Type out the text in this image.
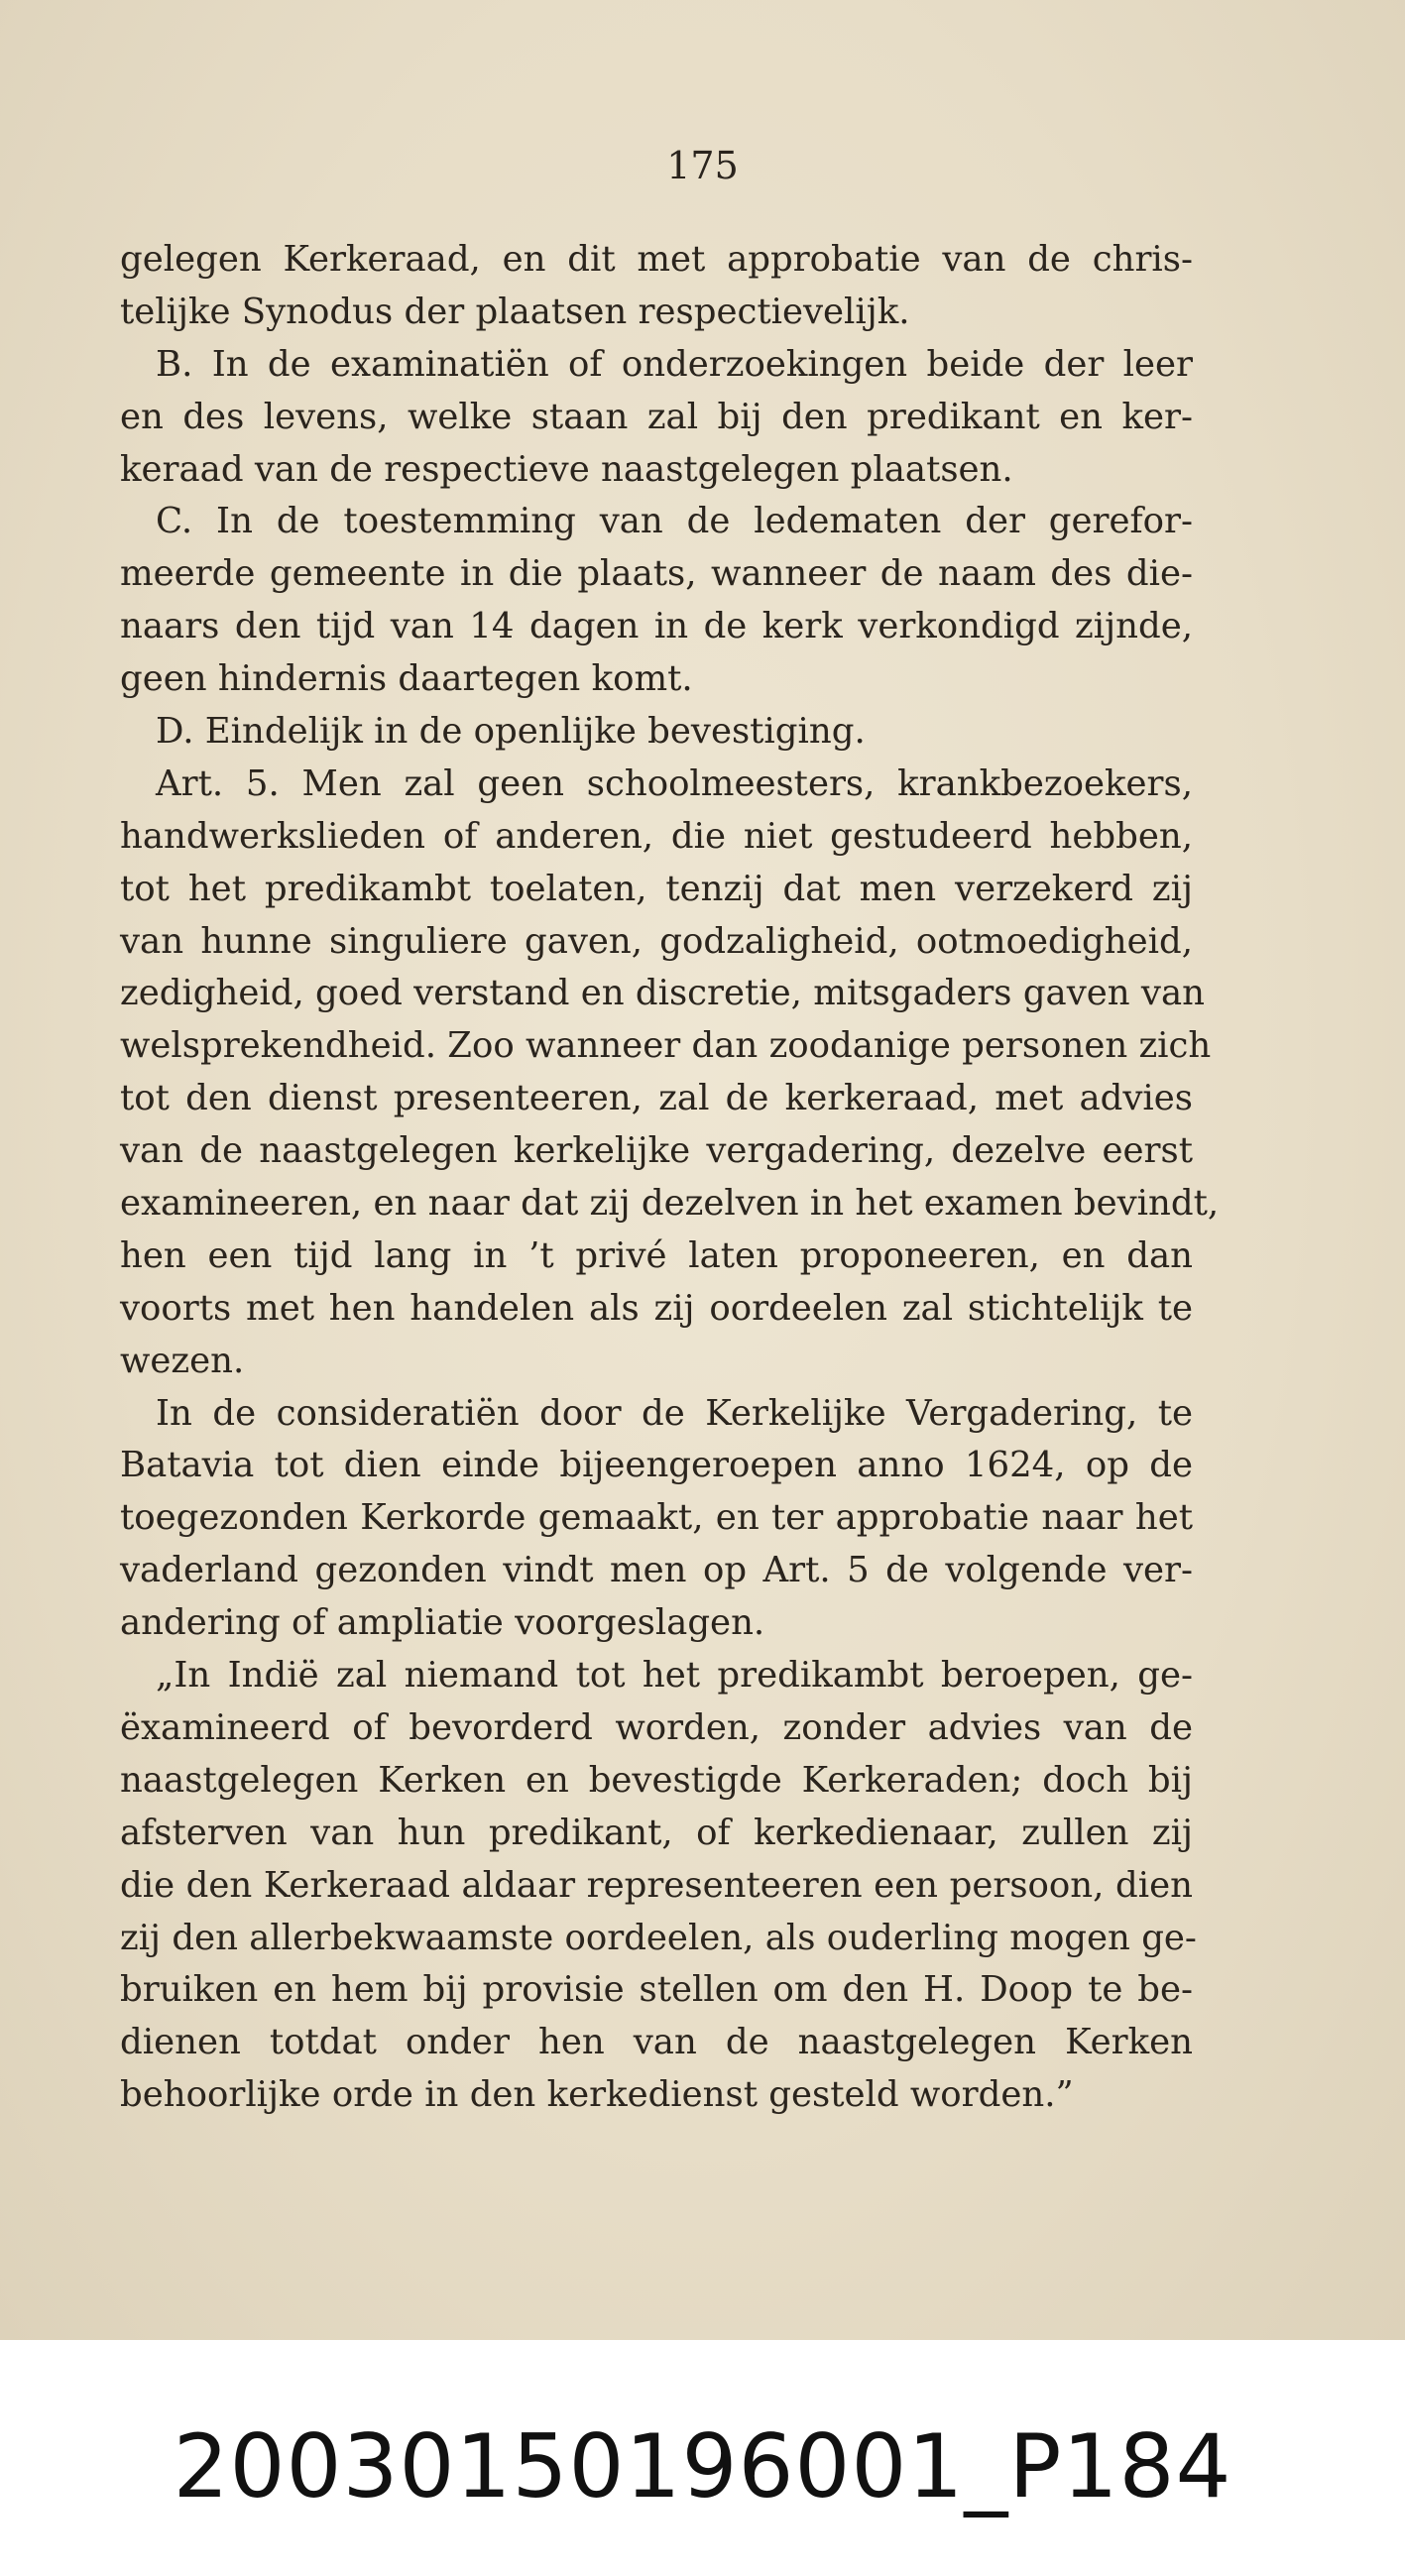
175
gelegen Kerkeraad, en dit met approbatie van de chris-
telijke Synodus der plaatsen respectievelijk.
B. In de examinatiën of onderzoekingen beide der leer
en des levens, welke staan zal bij den predikant en ker-
keraad van de respectieve naastgelegen plaatsen.
C. In de toestemming van de ledematen der gerefor-
meerde gemeente in die plaats, wanneer de naam des die-
naars den tijd van 14 dagen in de kerk verkondigd zijnde,
geen hindernis daartegen komt.
D. Eindelijk in de openlijke bevestiging.
Art. 5. Men zal geen schoolmeesters, krankbezoekers,
handwerkslieden of anderen, die niet gestudeerd hebben,
tot het predikambt toelaten, tenzij dat men verzekerd zij
van hunne singuliere gaven, godzaligheid, ootmoedigheid,
zedigheid, goed verstand en discretie, mitsgaders gaven van
welsprekendheid. Zoo wanneer dan zoodanige personen zich
tot den dienst presenteeren, zal de kerkeraad, met advies
van de naastgelegen kerkelijke vergadering, dezelve eerst
examineeren, en naar dat zij dezelven in het examen bevindt,
hen een tijd lang in ’t privé laten proponeeren, en dan
voorts met hen handelen als zij oordeelen zal stichtelijk te
wezen.
In de consideratiën door de Kerkelijke Vergadering, te
Batavia tot dien einde bijeengeroepen anno 1624, op de
toegezonden Kerkorde gemaakt, en ter approbatie naar het
vaderland gezonden vindt men op Art. 5 de volgende ver-
andering of ampliatie voorgeslagen.
„In Indië zal niemand tot het predikambt beroepen, ge-
ëxamineerd of bevorderd worden, zonder advies van de
naastgelegen Kerken en bevestigde Kerkeraden; doch bij
afsterven van hun predikant, of kerkedienaar, zullen zij
die den Kerkeraad aldaar representeeren een persoon, dien
zij den allerbekwaamste oordeelen, als ouderling mogen ge-
bruiken en hem bij provisie stellen om den H. Doop te be-
dienen totdat onder hen van de naastgelegen Kerken
behoorlijke orde in den kerkedienst gesteld worden.”
20030150196001_P184
